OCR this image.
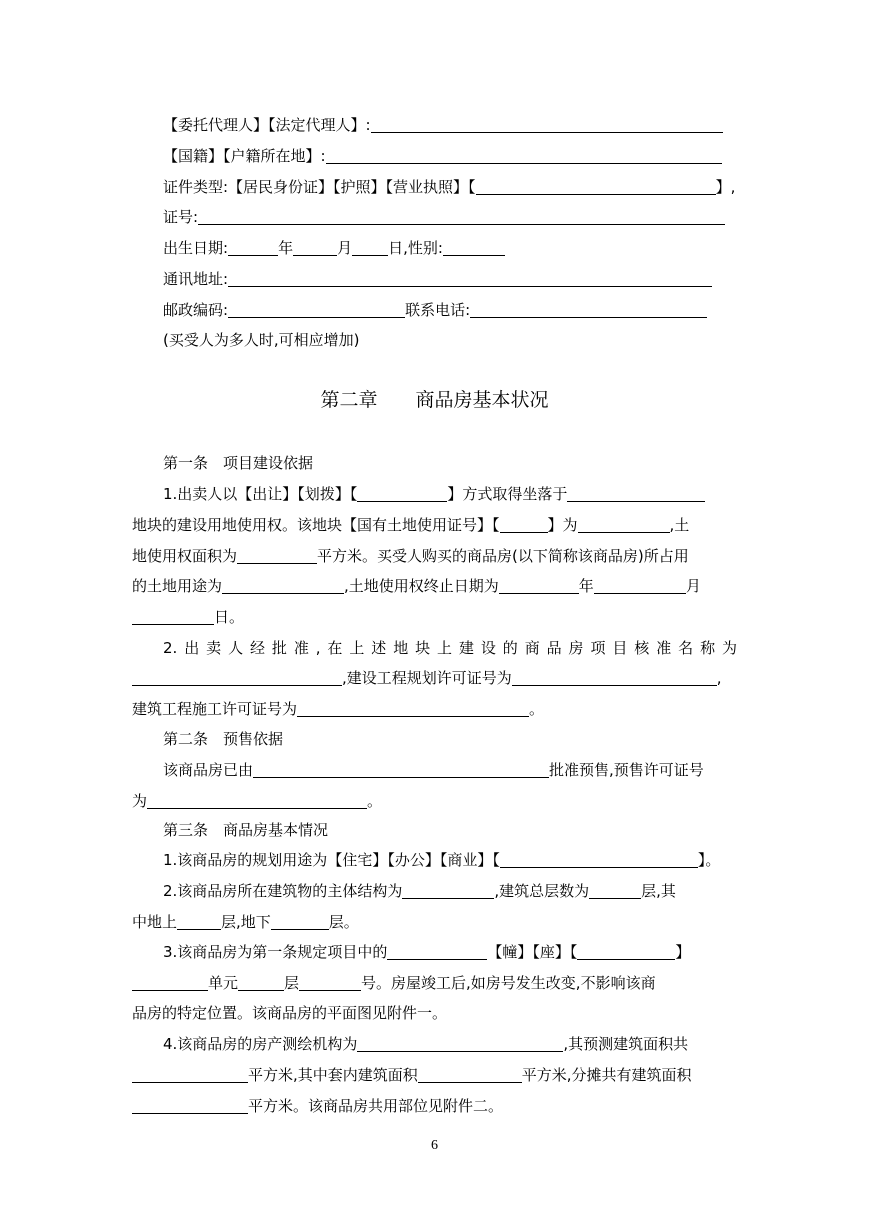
【委托代理人】【法定代理人】:
【国籍】【户籍所在地】:
证件类型:【居民身份证】【护照】【营业执照】【	】,
证号:
出生日期:	年	月 日,性别:
通讯地址:
邮政编码:	联系电话:
(买受人为多人时,可相应增加)
第二章　　商品房基本状况
第一条　项目建设依据
1.出卖人以【出让】【划拨】【	】方式取得坐落于
地块的建设用地使用权。该地块【国有土地使用证号】【	】为	,土
地使用权面积为	平方米。买受人购买的商品房(以下简称该商品房)所占用
的土地用途为	,土地使用权终止日期为	年	月
日。
2.出卖人经批准,在上述地块上建设的商品房项目核准名称为
,建设工程规划许可证号为	,
建筑工程施工许可证号为	。
第二条　预售依据
该商品房已由	批准预售,预售许可证号
为	。
第三条　商品房基本情况
1.该商品房的规划用途为【住宅】【办公】【商业】【	】。
2.该商品房所在建筑物的主体结构为	,建筑总层数为	层,其
中地上	层,地下	层。
3.该商品房为第一条规定项目中的	【幢】【座】【	】
单元	层	号。房屋竣工后,如房号发生改变,不影响该商
品房的特定位置。该商品房的平面图见附件一。
4.该商品房的房产测绘机构为	,其预测建筑面积共
平方米,其中套内建筑面积	平方米,分摊共有建筑面积
平方米。该商品房共用部位见附件二。
6
